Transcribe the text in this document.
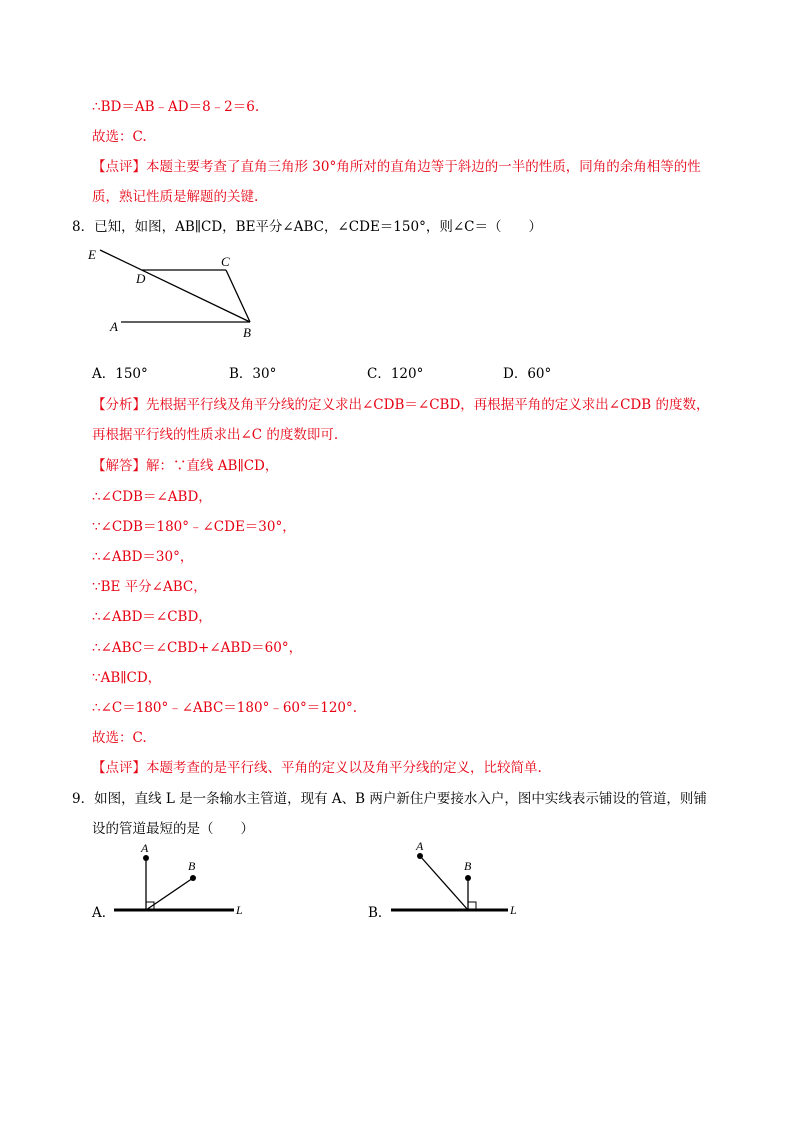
∴BD＝AB﹣AD＝8﹣2＝6.
故选：C.
【点评】本题主要考查了直角三角形 30°角所对的直角边等于斜边的一半的性质，同角的余角相等的性
质，熟记性质是解题的关键.
8．已知，如图，AB∥CD，BE平分∠ABC，∠CDE＝150°，则∠C＝（　　）
E
D
C
A	B
A．150°	B．30°	C．120°	D．60°
【分析】先根据平行线及角平分线的定义求出∠CDB＝∠CBD，再根据平角的定义求出∠CDB 的度数，
再根据平行线的性质求出∠C 的度数即可.
【解答】解：∵直线 AB∥CD，
∴∠CDB＝∠ABD，
∵∠CDB＝180°﹣∠CDE＝30°，
∴∠ABD＝30°，
∵BE 平分∠ABC，
∴∠ABD＝∠CBD，
∴∠ABC＝∠CBD+∠ABD＝60°，
∵AB∥CD，
∴∠C＝180°﹣∠ABC＝180°﹣60°＝120°.
故选：C.
【点评】本题考查的是平行线、平角的定义以及角平分线的定义，比较简单.
9．如图，直线 L 是一条输水主管道，现有 A、B 两户新住户要接水入户，图中实线表示铺设的管道，则铺
设的管道最短的是（　　）
A．
A
B
L	B．
A
B
L
